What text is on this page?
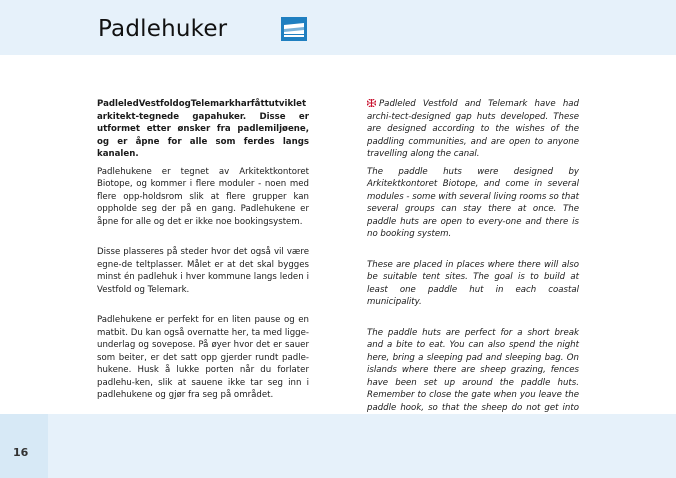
Padlehuker

PadleledVestfoldogTelemarkharfåttutviklet arkitekt-tegnede gapahuker. Disse er utformet etter ønsker fra padlemiljøene, og er åpne for alle som ferdes langs kanalen.

Padlehukene er tegnet av Arkitektkontoret Biotope, og kommer i flere moduler - noen med flere opp-holdsrom slik at flere grupper kan oppholde seg der på en gang. Padlehukene er åpne for alle og det er ikke noe bookingsystem.

Disse plasseres på steder hvor det også vil være egne-de teltplasser. Målet er at det skal bygges minst én padlehuk i hver kommune langs leden i Vestfold og Telemark.

Padlehukene er perfekt for en liten pause og en matbit. Du kan også overnatte her, ta med ligge-underlag og sovepose. På øyer hvor det er sauer som beiter, er det satt opp gjerder rundt padle-hukene. Husk å lukke porten når du forlater padlehu-ken, slik at sauene ikke tar seg inn i padlehukene og gjør fra seg på området.

Padleled Vestfold and Telemark have had archi-tect-designed gap huts developed. These are designed according to the wishes of the paddling communities, and are open to anyone travelling along the canal.

The paddle huts were designed by Arkitektkontoret Biotope, and come in several modules - some with several living rooms so that several groups can stay there at once. The paddle huts are open to every-one and there is no booking system.

These are placed in places where there will also be suitable tent sites. The goal is to build at least one paddle hut in each coastal municipality.

The paddle huts are perfect for a short break and a bite to eat. You can also spend the night here, bring a sleeping pad and sleeping bag. On islands where there are sheep grazing, fences have been set up around the paddle huts. Remember to close the gate when you leave the paddle hook, so that the sheep do not get into

16
